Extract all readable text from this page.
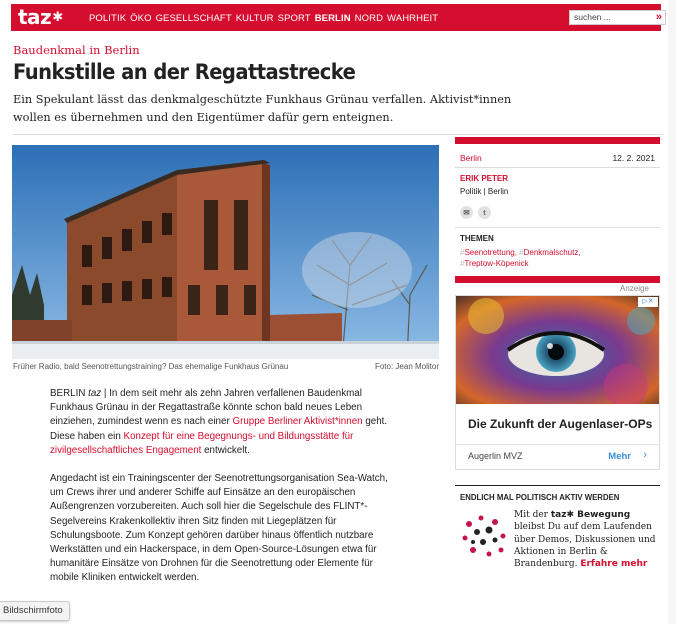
taz✱	POLITIK ÖKO GESELLSCHAFT KULTUR SPORT BERLIN NORD WAHRHEIT	suchen ...	»
Baudenkmal in Berlin
Funkstille an der Regattastrecke

Ein Spekulant lässt das denkmalgeschützte Funkhaus Grünau verfallen. Aktivist*innen wollen es übernehmen und den Eigentümer dafür gern enteignen.

Früher Radio, bald Seenotrettungstraining? Das ehemalige Funkhaus Grünau	Foto: Jean Molitor

BERLIN taz | In dem seit mehr als zehn Jahren verfallenen Baudenkmal Funkhaus Grünau in der Regattastraße könnte schon bald neues Leben einziehen, zumindest wenn es nach einer Gruppe Berliner Aktivist*innen geht. Diese haben ein Konzept für eine Begegnungs- und Bildungsstätte für zivilgesellschaftliches Engagement entwickelt.

Angedacht ist ein Trainingscenter der Seenotrettungsorganisation Sea-Watch, um Crews ihrer und anderer Schiffe auf Einsätze an den europäischen Außengrenzen vorzubereiten. Auch soll hier die Segelschule des FLINT*-Segelvereins Krakenkollektiv ihren Sitz finden mit Liegeplätzen für Schulungsboote. Zum Konzept gehören darüber hinaus öffentlich nutzbare Werkstätten und ein Hackerspace, in dem Open-Source-Lösungen etwa für humanitäre Einsätze von Drohnen für die Seenotrettung oder Elemente für mobile Kliniken entwickelt werden.

Berlin	12. 2. 2021
ERIK PETER
Politik | Berlin
✉	t
THEMEN
#Seenotrettung, #Denkmalschutz,
#Treptow-Köpenick
Anzeige
▷✕
Die Zukunft der Augenlaser-OPs
Augerlin MVZ	Mehr ›
ENDLICH MAL POLITISCH AKTIV WERDEN
Mit der taz✱ Bewegung bleibst Du auf dem Laufenden über Demos, Diskussionen und Aktionen in Berlin & Brandenburg. Erfahre mehr
Bildschirmfoto
